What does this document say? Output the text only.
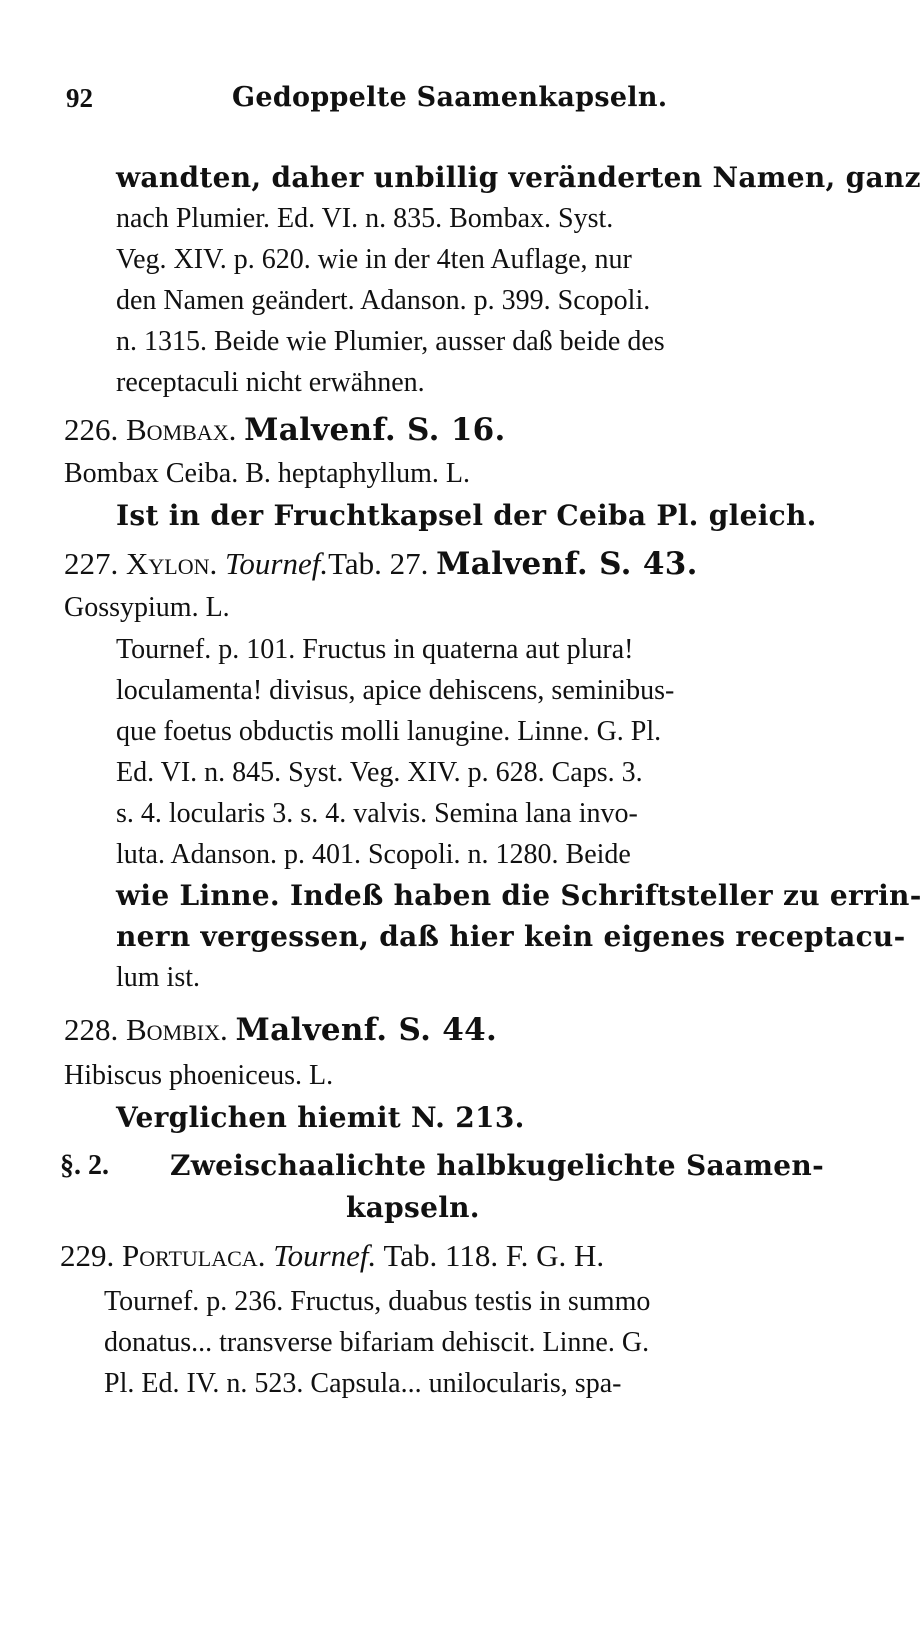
92	Gedoppelte Saamenkapseln.
wandten, daher unbillig veränderten Namen, ganz
nach Plumier. Ed. VI. n. 835. Bombax. Syst.
Veg. XIV. p. 620. wie in der 4ten Auflage, nur
den Namen geändert. Adanson. p. 399. Scopoli.
n. 1315. Beide wie Plumier, ausser daß beide des
receptaculi nicht erwähnen.
226. Bombax. Malvenf. S. 16.
Bombax Ceiba. B. heptaphyllum. L.
Ist in der Fruchtkapsel der Ceiba Pl. gleich.
227. Xylon. Tournef.Tab. 27. Malvenf. S. 43.
Gossypium. L.
Tournef. p. 101. Fructus in quaterna aut plura!
loculamenta! divisus, apice dehiscens, seminibus-
que foetus obductis molli lanugine. Linne. G. Pl.
Ed. VI. n. 845. Syst. Veg. XIV. p. 628. Caps. 3.
s. 4. locularis 3. s. 4. valvis. Semina lana invo-
luta. Adanson. p. 401. Scopoli. n. 1280. Beide
wie Linne. Indeß haben die Schriftsteller zu errin-
nern vergessen, daß hier kein eigenes receptacu-
lum ist.
228. Bombix. Malvenf. S. 44.
Hibiscus phoeniceus. L.
Verglichen hiemit N. 213.
§. 2. Zweischaalichte halbkugelichte Saamen-
kapseln.
229. Portulaca. Tournef. Tab. 118. F. G. H.
Tournef. p. 236. Fructus, duabus testis in summo
donatus... transverse bifariam dehiscit. Linne. G.
Pl. Ed. IV. n. 523. Capsula... unilocularis, spa-
